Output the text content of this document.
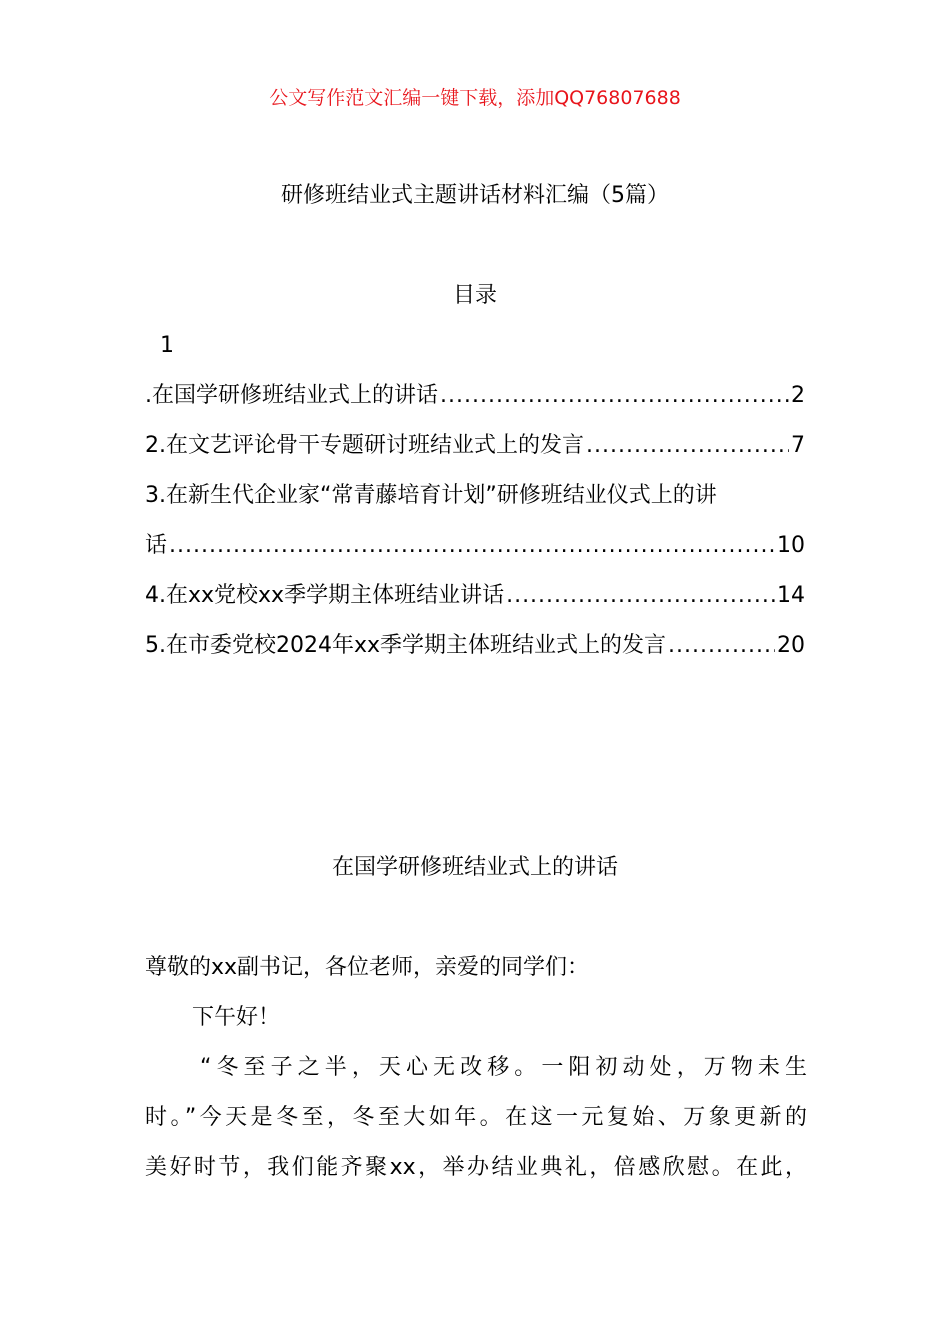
公文写作范文汇编一键下载，添加QQ76807688
研修班结业式主题讲话材料汇编（5篇）
目录
1
.在国学研修班结业式上的讲话 .....	2
2.在文艺评论骨干专题研讨班结业式上的发言 .....	7
3.在新生代企业家“常青藤培育计划”研修班结业仪式上的讲
话 .....	10
4.在xx党校xx季学期主体班结业讲话 .....	14
5.在市委党校2024年xx季学期主体班结业式上的发言 .....	20
在国学研修班结业式上的讲话
尊敬的xx副书记，各位老师，亲爱的同学们：
下午好！
“冬至子之半，天心无改移。一阳初动处，万物未生
时。”今天是冬至，冬至大如年。在这一元复始、万象更新的
美好时节，我们能齐聚xx，举办结业典礼，倍感欣慰。在此，
